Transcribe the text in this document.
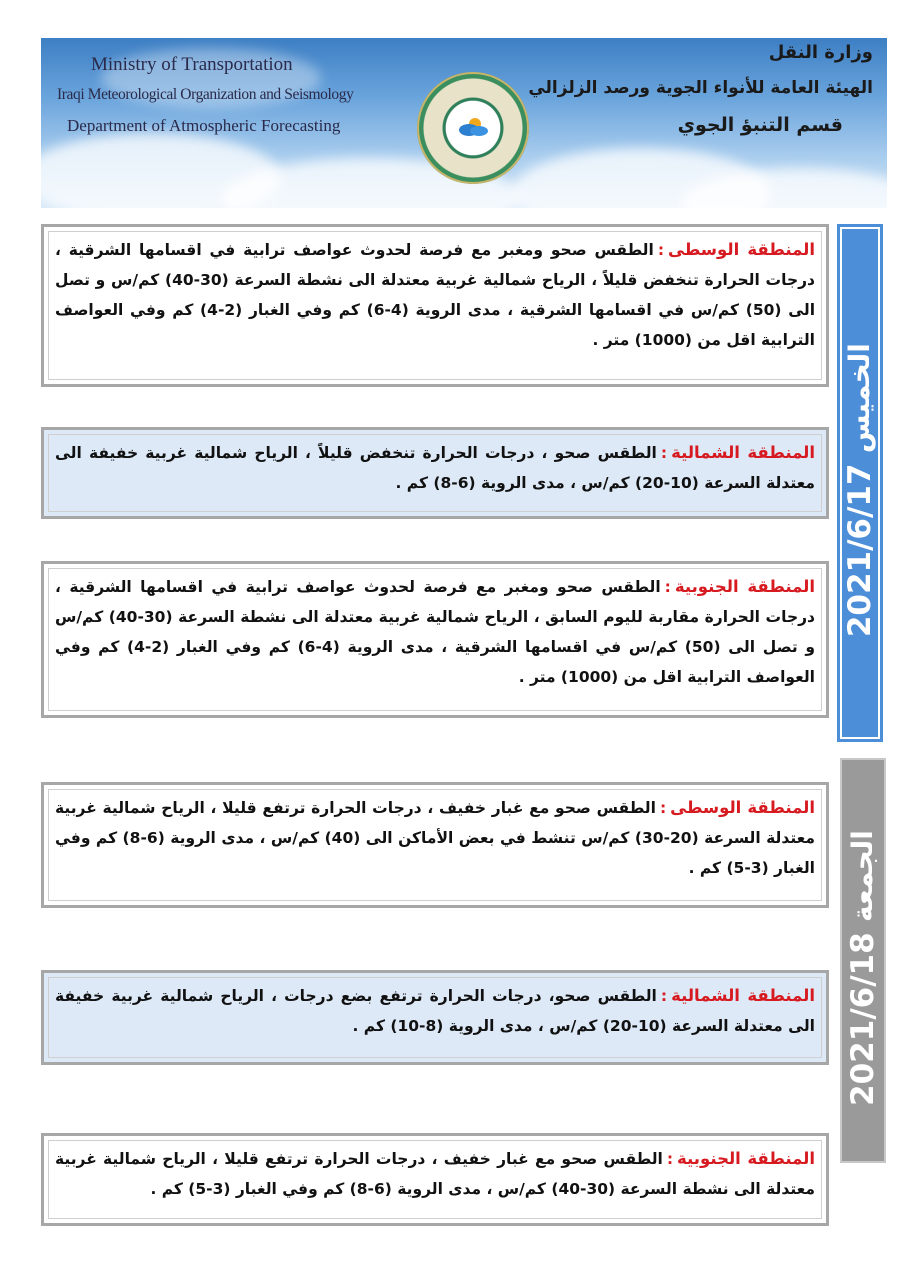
Ministry of Transportation
Iraqi Meteorological Organization and Seismology
Department of Atmospheric Forecasting
وزارة النقل
الهيئة العامة للأنواء الجوية ورصد الزلزالي
قسم التنبؤ الجوي
2021/6/17 الخميس
2021/6/18 الجمعة
المنطقة الوسطى:الطقس صحو ومغبر مع فرصة لحدوث عواصف ترابية في اقسامها الشرقية ، درجات الحرارة تنخفض قليلاً ، الرياح شمالية غربية معتدلة الى نشطة السرعة (30-40) كم/س و تصل الى (50) كم/س في اقسامها الشرقية ، مدى الروية (4-6) كم وفي الغبار (2-4) كم وفي العواصف الترابية اقل من (1000) متر .
المنطقة الشمالية:الطقس صحو ، درجات الحرارة تنخفض قليلاً ، الرياح شمالية غربية خفيفة الى معتدلة السرعة (10-20) كم/س ، مدى الروية (6-8) كم .
المنطقة الجنوبية:الطقس صحو ومغبر مع فرصة لحدوث عواصف ترابية في اقسامها الشرقية ، درجات الحرارة مقاربة لليوم السابق ، الرياح شمالية غربية معتدلة الى نشطة السرعة (30-40) كم/س و تصل الى (50) كم/س في اقسامها الشرقية ، مدى الروية (4-6) كم وفي الغبار (2-4) كم وفي العواصف الترابية اقل من (1000) متر .
المنطقة الوسطى:الطقس صحو مع غبار خفيف ، درجات الحرارة ترتفع قليلا ، الرياح شمالية غربية معتدلة السرعة (20-30) كم/س تنشط في بعض الأماكن الى (40) كم/س ، مدى الروية (6-8) كم وفي الغبار (3-5) كم .
المنطقة الشمالية:الطقس صحو، درجات الحرارة ترتفع بضع درجات ، الرياح شمالية غربية خفيفة الى معتدلة السرعة (10-20) كم/س ، مدى الروية (8-10) كم .
المنطقة الجنوبية:الطقس صحو مع غبار خفيف ، درجات الحرارة ترتفع قليلا ، الرياح شمالية غربية معتدلة الى نشطة السرعة (30-40) كم/س ، مدى الروية (6-8) كم وفي الغبار (3-5) كم .
